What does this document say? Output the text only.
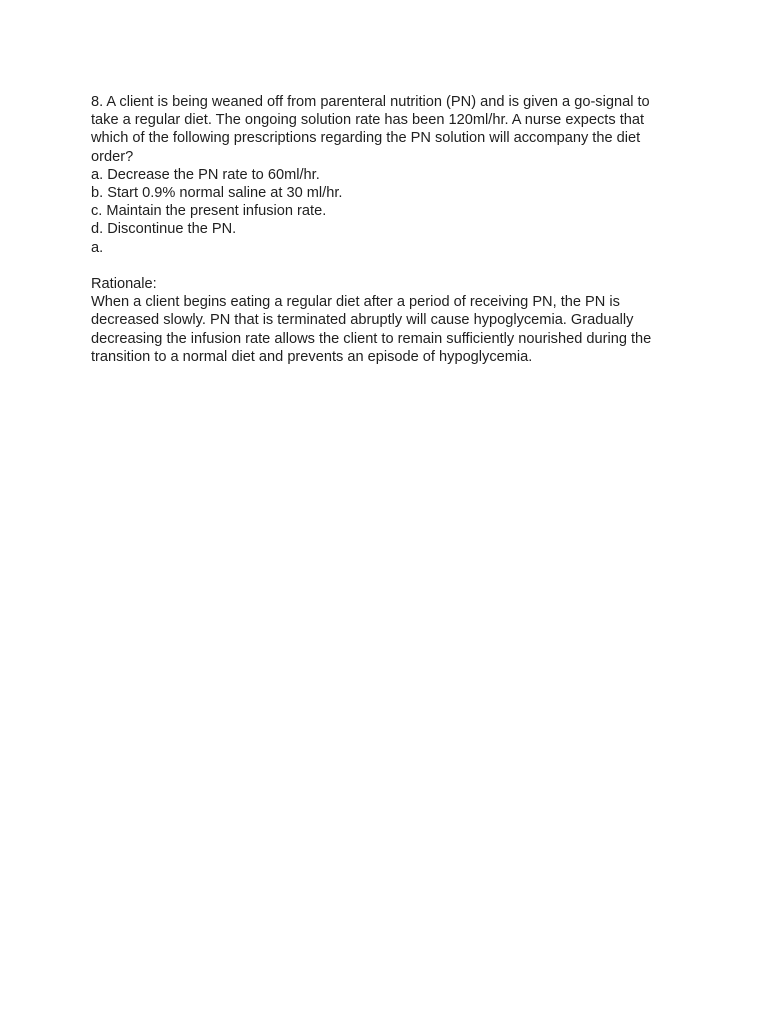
8. A client is being weaned off from parenteral nutrition (PN) and is given a go-signal to

take a regular diet. The ongoing solution rate has been 120ml/hr. A nurse expects that

which of the following prescriptions regarding the PN solution will accompany the diet

order?

a. Decrease the PN rate to 60ml/hr.

b. Start 0.9% normal saline at 30 ml/hr.

c. Maintain the present infusion rate.

d. Discontinue the PN.

a.

Rationale:

When a client begins eating a regular diet after a period of receiving PN, the PN is

decreased slowly. PN that is terminated abruptly will cause hypoglycemia. Gradually

decreasing the infusion rate allows the client to remain sufficiently nourished during the

transition to a normal diet and prevents an episode of hypoglycemia.
